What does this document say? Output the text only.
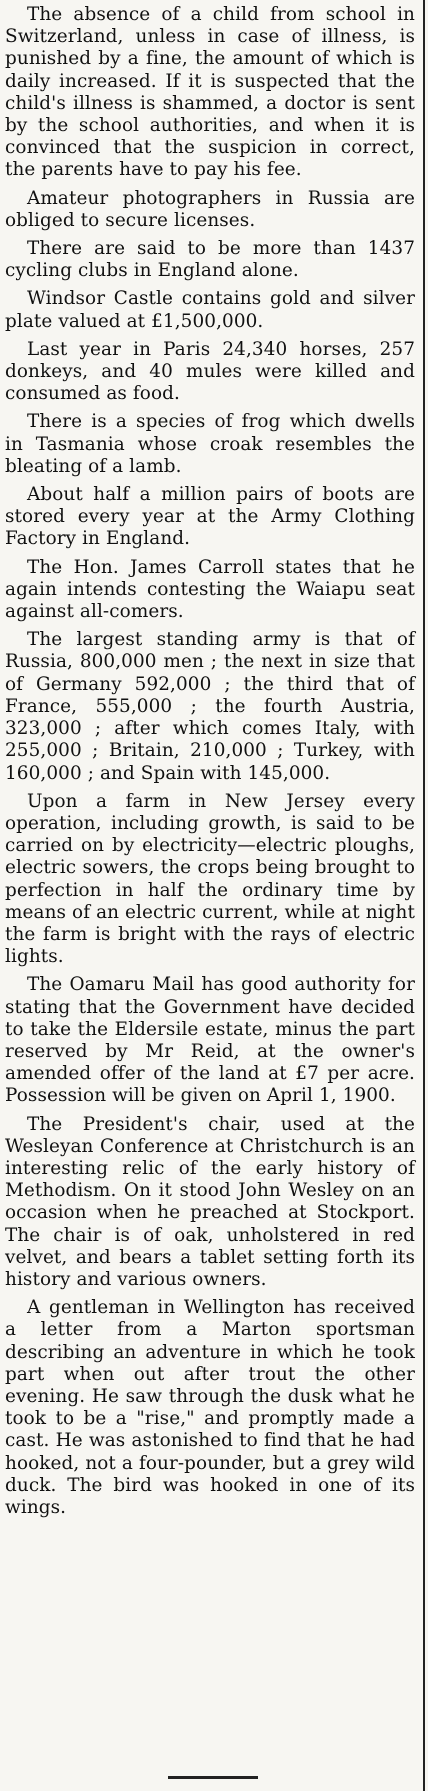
The absence of a child from school in Switzerland, unless in case of illness, is punished by a fine, the amount of which is daily increased. If it is suspected that the child's illness is shammed, a doctor is sent by the school authorities, and when it is convinced that the suspicion in correct, the parents have to pay his fee.

Amateur photographers in Russia are obliged to secure licenses.

There are said to be more than 1437 cycling clubs in England alone.

Windsor Castle contains gold and silver plate valued at £1,500,000.

Last year in Paris 24,340 horses, 257 donkeys, and 40 mules were killed and consumed as food.

There is a species of frog which dwells in Tasmania whose croak resembles the bleating of a lamb.

About half a million pairs of boots are stored every year at the Army Clothing Factory in England.

The Hon. James Carroll states that he again intends contesting the Waiapu seat against all-comers.

The largest standing army is that of Russia, 800,000 men ; the next in size that of Germany 592,000 ; the third that of France, 555,000 ; the fourth Austria, 323,000 ; after which comes Italy, with 255,000 ; Britain, 210,000 ; Turkey, with 160,000 ; and Spain with 145,000.

Upon a farm in New Jersey every operation, including growth, is said to be carried on by electricity—electric ploughs, electric sowers, the crops being brought to perfection in half the ordinary time by means of an electric current, while at night the farm is bright with the rays of electric lights.

The Oamaru Mail has good authority for stating that the Government have decided to take the Eldersile estate, minus the part reserved by Mr Reid, at the owner's amended offer of the land at £7 per acre. Possession will be given on April 1, 1900.

The President's chair, used at the Wesleyan Conference at Christchurch is an interesting relic of the early history of Methodism. On it stood John Wesley on an occasion when he preached at Stockport. The chair is of oak, unholstered in red velvet, and bears a tablet setting forth its history and various owners.

A gentleman in Wellington has received a letter from a Marton sportsman describing an adventure in which he took part when out after trout the other evening. He saw through the dusk what he took to be a "rise," and promptly made a cast. He was astonished to find that he had hooked, not a four-pounder, but a grey wild duck. The bird was hooked in one of its wings.
